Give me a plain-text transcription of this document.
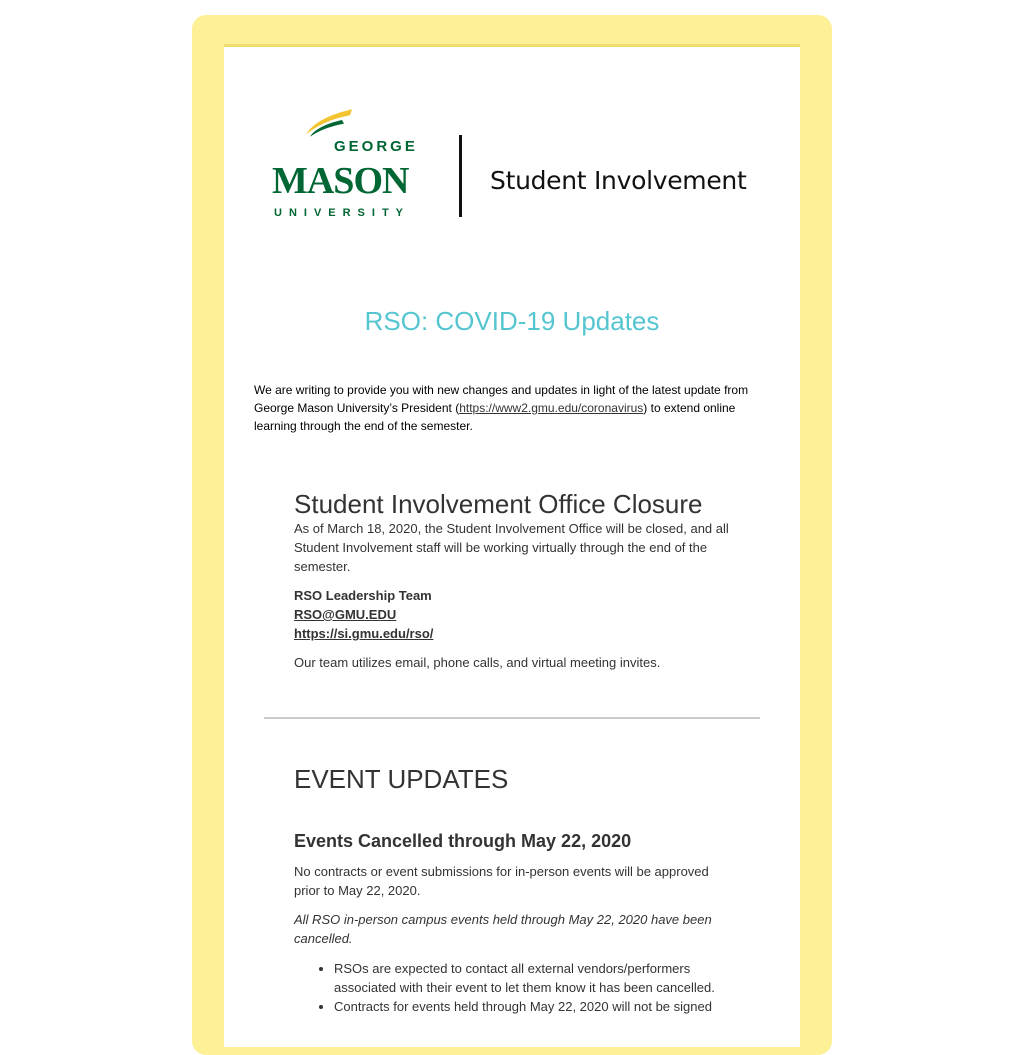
GEORGE
MASON
UNIVERSITY
Student Involvement
RSO: COVID-19 Updates

We are writing to provide you with new changes and updates in light of the latest update from George Mason University’s President (https://www2.gmu.edu/coronavirus) to extend online learning through the end of the semester.

Student Involvement Office Closure

As of March 18, 2020, the Student Involvement Office will be closed, and all Student Involvement staff will be working virtually through the end of the semester.

RSO Leadership Team

RSO@GMU.EDU
https://si.gmu.edu/rso/

Our team utilizes email, phone calls, and virtual meeting invites.

EVENT UPDATES
Events Cancelled through May 22, 2020

No contracts or event submissions for in-person events will be approved prior to May 22, 2020.

All RSO in-person campus events held through May 22, 2020 have been cancelled.

• RSOs are expected to contact all external vendors/performers associated with their event to let them know it has been cancelled.
• Contracts for events held through May 22, 2020 will not be signed
